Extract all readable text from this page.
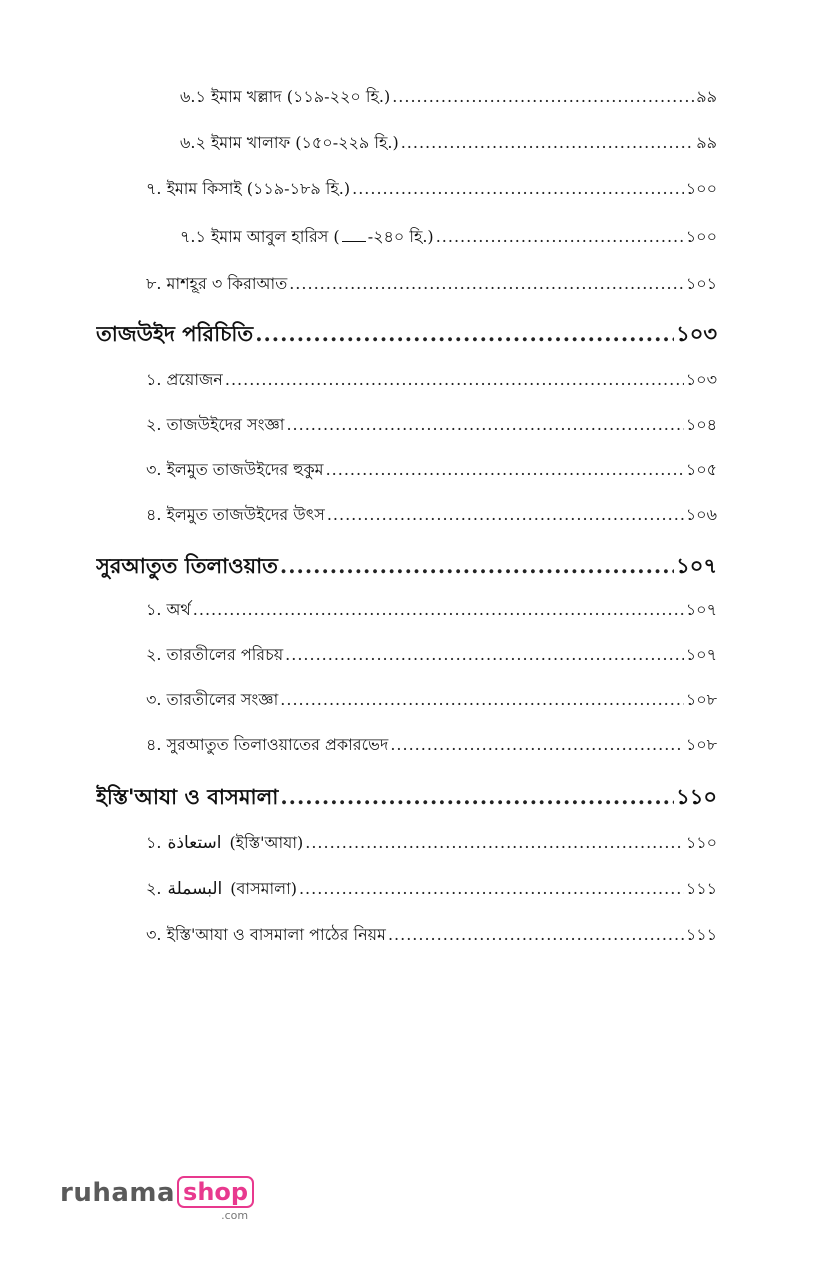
৬.১ ইমাম খল্লাদ (১১৯-২২০ হি.) .....	৯৯
৬.২ ইমাম খালাফ (১৫০-২২৯ হি.) .....	৯৯
৭. ইমাম কিসাই (১১৯-১৮৯ হি.) .....	১০০
৭.১ ইমাম আবুল হারিস ( -২৪০ হি.) .....	১০০
৮. মাশহূর ৩ কিরাআত .....	১০১
তাজউইদ পরিচিতি .....	১০৩
১. প্রয়োজন .....	১০৩
২. তাজউইদের সংজ্ঞা .....	১০৪
৩. ইলমুত তাজউইদের হুকুম .....	১০৫
৪. ইলমুত তাজউইদের উৎস .....	১০৬
সুরআতুত তিলাওয়াত .....	১০৭
১. অর্থ .....	১০৭
২. তারতীলের পরিচয় .....	১০৭
৩. তারতীলের সংজ্ঞা .....	১০৮
৪. সুরআতুত তিলাওয়াতের প্রকারভেদ .....	১০৮
ইস্তি'আযা ও বাসমালা .....	১১০
১. استعاذة (ইস্তি'আযা) .....	১১০
২. البسملة (বাসমালা) .....	১১১
৩. ইস্তি'আযা ও বাসমালা পাঠের নিয়ম .....	১১১
ruhama shop
.com
